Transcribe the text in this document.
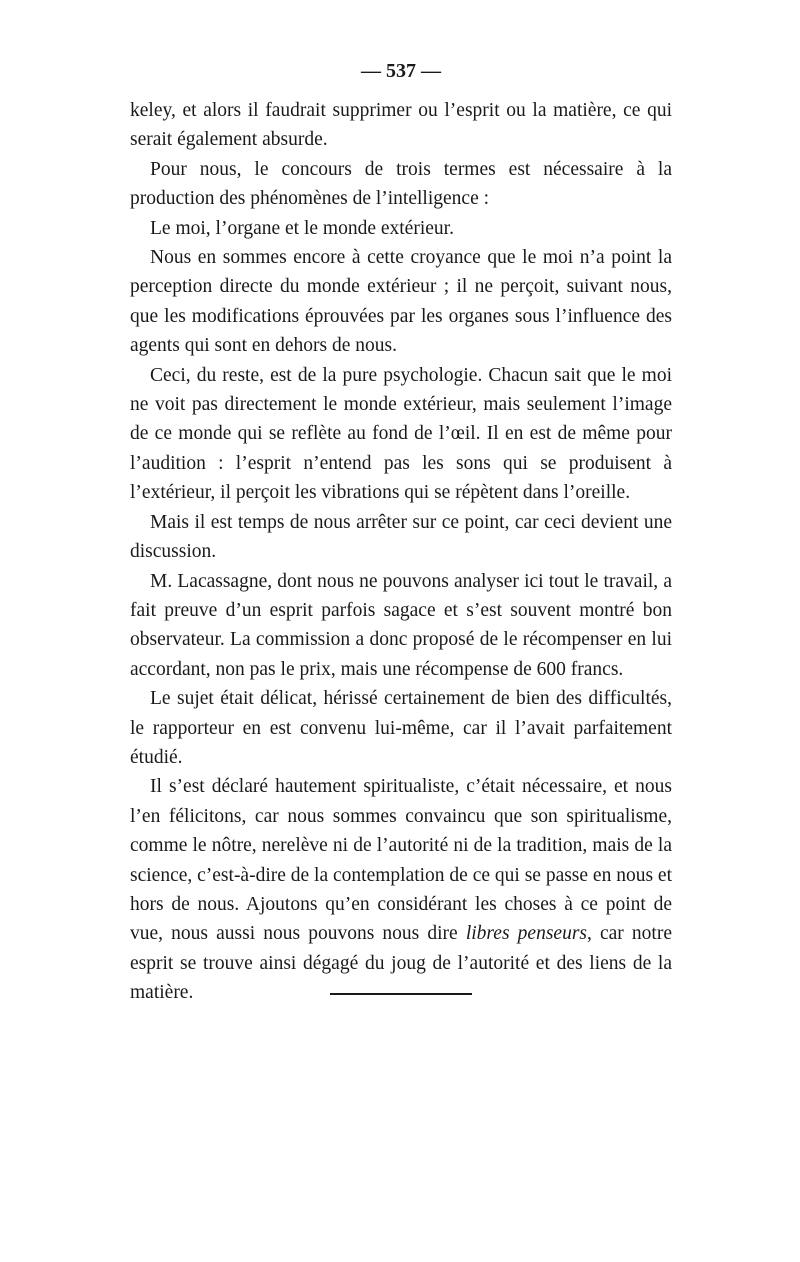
— 537 —

keley, et alors il faudrait supprimer ou l’esprit ou la matière, ce qui serait également absurde.

Pour nous, le concours de trois termes est nécessaire à la production des phénomènes de l’intelligence :

Le moi, l’organe et le monde extérieur.

Nous en sommes encore à cette croyance que le moi n’a point la perception directe du monde extérieur ; il ne perçoit, suivant nous, que les modifications éprouvées par les organes sous l’influence des agents qui sont en dehors de nous.

Ceci, du reste, est de la pure psychologie. Chacun sait que le moi ne voit pas directement le monde extérieur, mais seulement l’image de ce monde qui se reflète au fond de l’œil. Il en est de même pour l’audition : l’esprit n’entend pas les sons qui se produisent à l’extérieur, il perçoit les vibrations qui se répètent dans l’oreille.

Mais il est temps de nous arrêter sur ce point, car ceci devient une discussion.

M. Lacassagne, dont nous ne pouvons analyser ici tout le travail, a fait preuve d’un esprit parfois sagace et s’est souvent montré bon observateur. La commission a donc proposé de le récompenser en lui accordant, non pas le prix, mais une récompense de 600 francs.

Le sujet était délicat, hérissé certainement de bien des difficultés, le rapporteur en est convenu lui-même, car il l’avait parfaitement étudié.

Il s’est déclaré hautement spiritualiste, c’était nécessaire, et nous l’en félicitons, car nous sommes convaincu que son spiritualisme, comme le nôtre, nerelève ni de l’autorité ni de la tradition, mais de la science, c’est-à-dire de la contemplation de ce qui se passe en nous et hors de nous. Ajoutons qu’en considérant les choses à ce point de vue, nous aussi nous pouvons nous dire libres penseurs, car notre esprit se trouve ainsi dégagé du joug de l’autorité et des liens de la matière.
